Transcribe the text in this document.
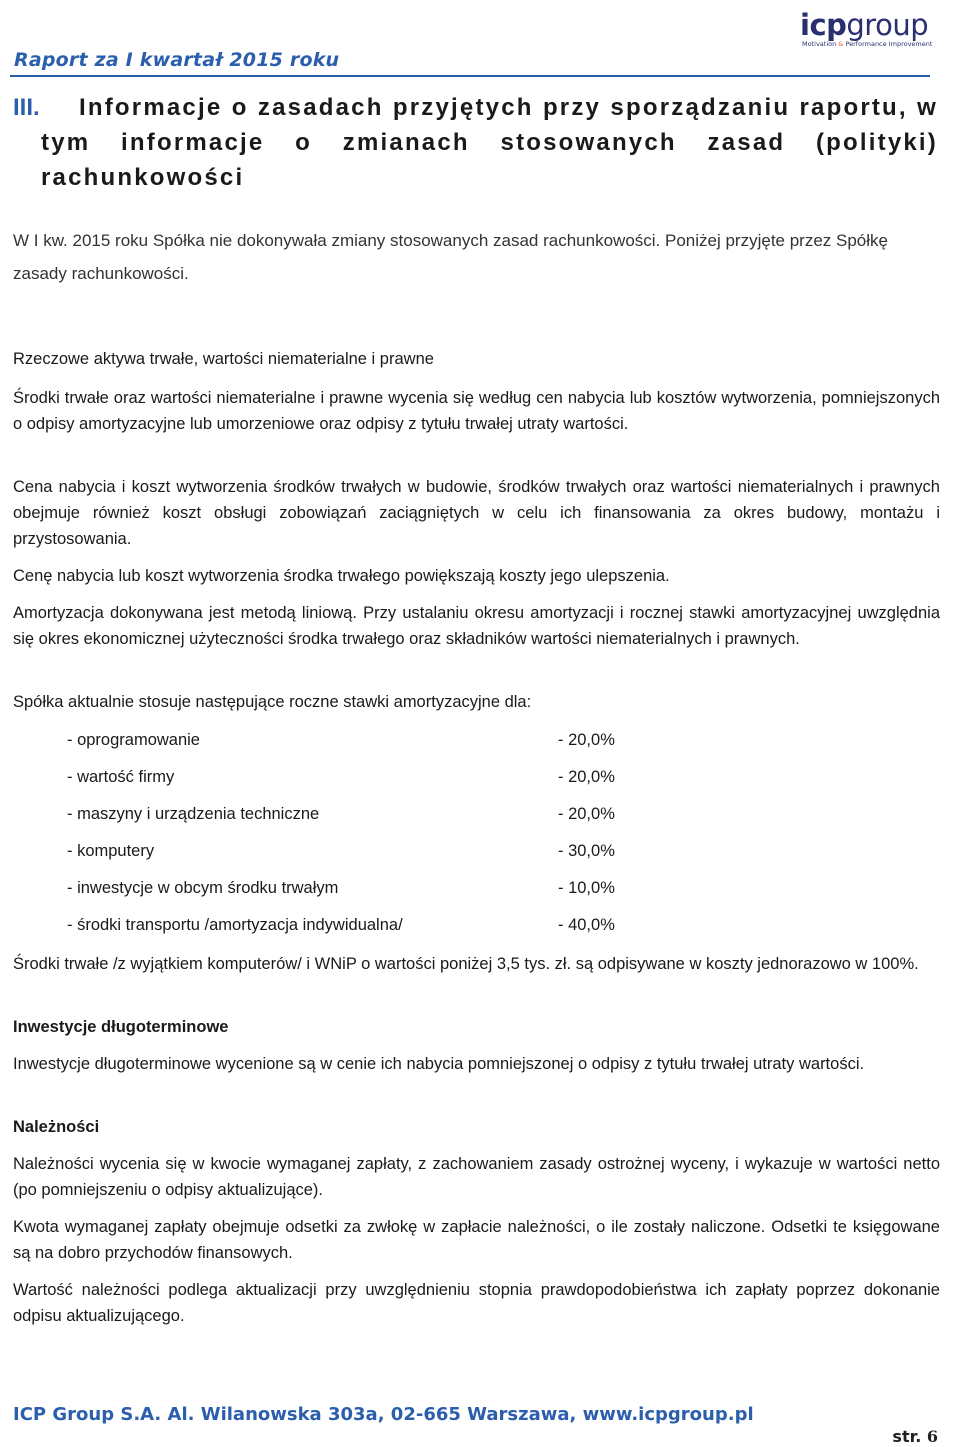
Raport za I kwartał 2015 roku
icpgroup
Motivation & Performance Improvement
III. Informacje o zasadach przyjętych przy sporządzaniu raportu, w
tym informacje o zmianach stosowanych zasad (polityki)
rachunkowości
W I kw. 2015 roku Spółka nie dokonywała zmiany stosowanych zasad rachunkowości. Poniżej przyjęte przez Spółkę zasady rachunkowości.

Rzeczowe aktywa trwałe, wartości niematerialne i prawne

Środki trwałe oraz wartości niematerialne i prawne wycenia się według cen nabycia lub kosztów wytworzenia, pomniejszonych o odpisy amortyzacyjne lub umorzeniowe oraz odpisy z tytułu trwałej utraty wartości.

Cena nabycia i koszt wytworzenia środków trwałych w budowie, środków trwałych oraz wartości niematerialnych i prawnych obejmuje również koszt obsługi zobowiązań zaciągniętych w celu ich finansowania za okres budowy, montażu i przystosowania.

Cenę nabycia lub koszt wytworzenia środka trwałego powiększają koszty jego ulepszenia.

Amortyzacja dokonywana jest metodą liniową. Przy ustalaniu okresu amortyzacji i rocznej stawki amortyzacyjnej uwzględnia się okres ekonomicznej użyteczności środka trwałego oraz składników wartości niematerialnych i prawnych.

Spółka aktualnie stosuje następujące roczne stawki amortyzacyjne dla:

- oprogramowanie	- 20,0%
- wartość firmy	- 20,0%
- maszyny i urządzenia techniczne	- 20,0%
- komputery	- 30,0%
- inwestycje w obcym środku trwałym	- 10,0%
- środki transportu /amortyzacja indywidualna/	- 40,0%

Środki trwałe /z wyjątkiem komputerów/ i WNiP o wartości poniżej 3,5 tys. zł. są odpisywane w koszty jednorazowo w 100%.

Inwestycje długoterminowe

Inwestycje długoterminowe wycenione są w cenie ich nabycia pomniejszonej o odpisy z tytułu trwałej utraty wartości.

Należności

Należności wycenia się w kwocie wymaganej zapłaty, z zachowaniem zasady ostrożnej wyceny, i wykazuje w wartości netto (po pomniejszeniu o odpisy aktualizujące).

Kwota wymaganej zapłaty obejmuje odsetki za zwłokę w zapłacie należności, o ile zostały naliczone. Odsetki te księgowane są na dobro przychodów finansowych.

Wartość należności podlega aktualizacji przy uwzględnieniu stopnia prawdopodobieństwa ich zapłaty poprzez dokonanie odpisu aktualizującego.

ICP Group S.A. Al. Wilanowska 303a, 02-665 Warszawa, www.icpgroup.pl
str. 6
